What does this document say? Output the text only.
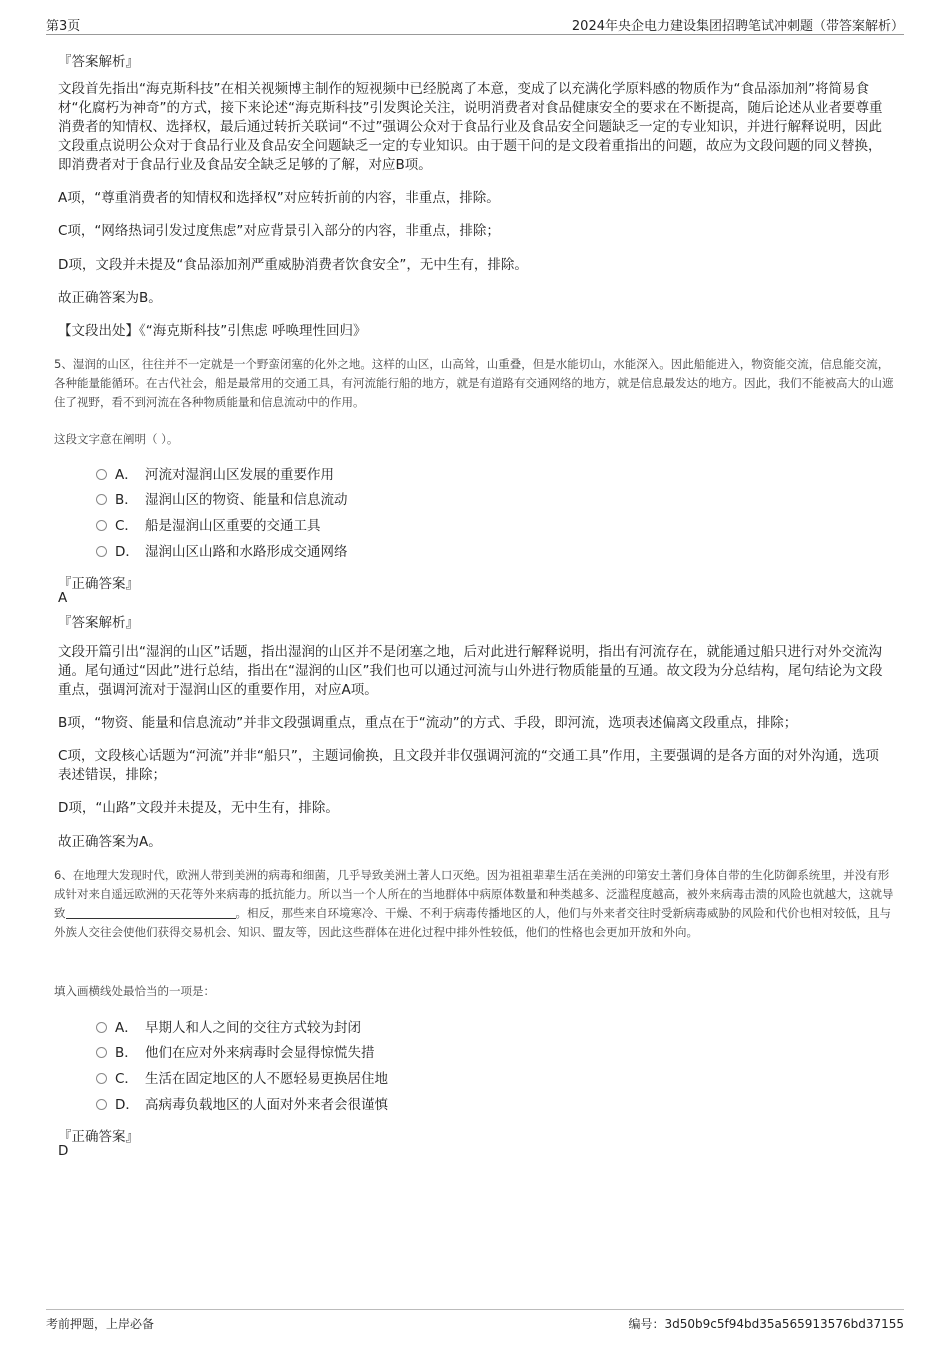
第3页	2024年央企电力建设集团招聘笔试冲刺题（带答案解析）
『答案解析』
文段首先指出“海克斯科技”在相关视频博主制作的短视频中已经脱离了本意，变成了以充满化学原料感的物质作为“食品添加剂”将简易食材“化腐朽为神奇”的方式，接下来论述“海克斯科技”引发舆论关注，说明消费者对食品健康安全的要求在不断提高，随后论述从业者要尊重消费者的知情权、选择权，最后通过转折关联词“不过”强调公众对于食品行业及食品安全问题缺乏一定的专业知识，并进行解释说明，因此文段重点说明公众对于食品行业及食品安全问题缺乏一定的专业知识。由于题干问的是文段着重指出的问题，故应为文段问题的同义替换，即消费者对于食品行业及食品安全缺乏足够的了解，对应B项。
A项，“尊重消费者的知情权和选择权”对应转折前的内容，非重点，排除。
C项，“网络热词引发过度焦虑”对应背景引入部分的内容，非重点，排除；
D项，文段并未提及“食品添加剂严重威胁消费者饮食安全”，无中生有，排除。
故正确答案为B。
【文段出处】《“海克斯科技”引焦虑 呼唤理性回归》
5、湿润的山区，往往并不一定就是一个野蛮闭塞的化外之地。这样的山区，山高耸，山重叠，但是水能切山，水能深入。因此船能进入，物资能交流，信息能交流，各种能量能循环。在古代社会，船是最常用的交通工具，有河流能行船的地方，就是有道路有交通网络的地方，就是信息最发达的地方。因此，我们不能被高大的山遮住了视野，看不到河流在各种物质能量和信息流动中的作用。
这段文字意在阐明（ ）。
A． 河流对湿润山区发展的重要作用
B． 湿润山区的物资、能量和信息流动
C． 船是湿润山区重要的交通工具
D． 湿润山区山路和水路形成交通网络
『正确答案』
A
『答案解析』
文段开篇引出“湿润的山区”话题，指出湿润的山区并不是闭塞之地，后对此进行解释说明，指出有河流存在，就能通过船只进行对外交流沟通。尾句通过“因此”进行总结，指出在“湿润的山区”我们也可以通过河流与山外进行物质能量的互通。故文段为分总结构，尾句结论为文段重点，强调河流对于湿润山区的重要作用，对应A项。
B项，“物资、能量和信息流动”并非文段强调重点，重点在于“流动”的方式、手段，即河流，选项表述偏离文段重点，排除；
C项，文段核心话题为“河流”并非“船只”，主题词偷换，且文段并非仅强调河流的“交通工具”作用，主要强调的是各方面的对外沟通，选项表述错误，排除；
D项，“山路”文段并未提及，无中生有，排除。
故正确答案为A。
6、在地理大发现时代，欧洲人带到美洲的病毒和细菌，几乎导致美洲土著人口灭绝。因为祖祖辈辈生活在美洲的印第安土著们身体自带的生化防御系统里，并没有形成针对来自遥远欧洲的天花等外来病毒的抵抗能力。所以当一个人所在的当地群体中病原体数量和种类越多、泛滥程度越高，被外来病毒击溃的风险也就越大，这就导致	。相反，那些来自环境寒冷、干燥、不利于病毒传播地区的人，他们与外来者交往时受新病毒威胁的风险和代价也相对较低，且与外族人交往会使他们获得交易机会、知识、盟友等，因此这些群体在进化过程中排外性较低，他们的性格也会更加开放和外向。
填入画横线处最恰当的一项是：
A． 早期人和人之间的交往方式较为封闭
B． 他们在应对外来病毒时会显得惊慌失措
C． 生活在固定地区的人不愿轻易更换居住地
D． 高病毒负载地区的人面对外来者会很谨慎
『正确答案』
D
考前押题，上岸必备	编号：3d50b9c5f94bd35a565913576bd37155
